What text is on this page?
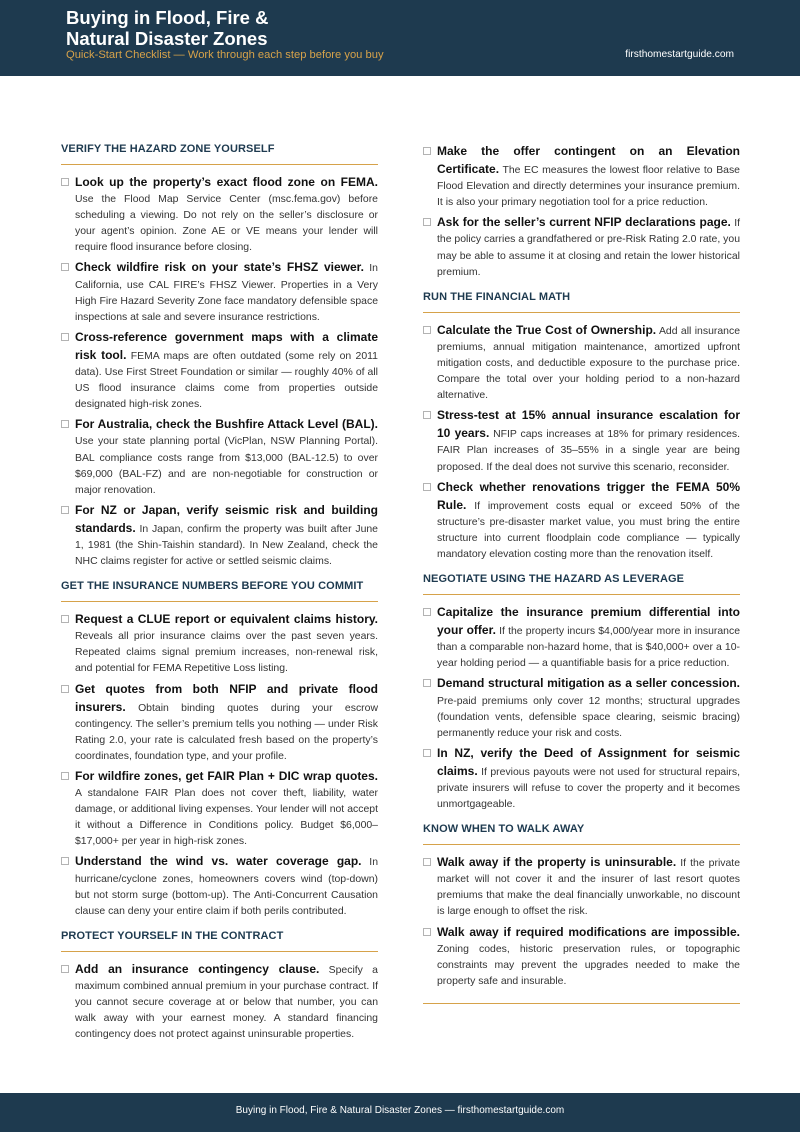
Buying in Flood, Fire &
Natural Disaster Zones
Quick-Start Checklist — Work through each step before you buy	firsthomestartguide.com
VERIFY THE HAZARD ZONE YOURSELF
Look up the property’s exact flood zone on FEMA. Use the Flood Map Service Center (msc.fema.gov) before scheduling a viewing. Do not rely on the seller’s disclosure or your agent’s opinion. Zone AE or VE means your lender will require flood insurance before closing.
Check wildfire risk on your state’s FHSZ viewer. In California, use CAL FIRE’s FHSZ Viewer. Properties in a Very High Fire Hazard Severity Zone face mandatory defensible space inspections at sale and severe insurance restrictions.
Cross-reference government maps with a climate risk tool. FEMA maps are often outdated (some rely on 2011 data). Use First Street Foundation or similar — roughly 40% of all US flood insurance claims come from properties outside designated high-risk zones.
For Australia, check the Bushfire Attack Level (BAL). Use your state planning portal (VicPlan, NSW Planning Portal). BAL compliance costs range from $13,000 (BAL-12.5) to over $69,000 (BAL-FZ) and are non-negotiable for construction or major renovation.
For NZ or Japan, verify seismic risk and building standards. In Japan, confirm the property was built after June 1, 1981 (the Shin-Taishin standard). In New Zealand, check the NHC claims register for active or settled seismic claims.
GET THE INSURANCE NUMBERS BEFORE YOU COMMIT
Request a CLUE report or equivalent claims history. Reveals all prior insurance claims over the past seven years. Repeated claims signal premium increases, non-renewal risk, and potential for FEMA Repetitive Loss listing.
Get quotes from both NFIP and private flood insurers. Obtain binding quotes during your escrow contingency. The seller’s premium tells you nothing — under Risk Rating 2.0, your rate is calculated fresh based on the property’s coordinates, foundation type, and your profile.
For wildfire zones, get FAIR Plan + DIC wrap quotes. A standalone FAIR Plan does not cover theft, liability, water damage, or additional living expenses. Your lender will not accept it without a Difference in Conditions policy. Budget $6,000–$17,000+ per year in high-risk zones.
Understand the wind vs. water coverage gap. In hurricane/cyclone zones, homeowners covers wind (top-down) but not storm surge (bottom-up). The Anti-Concurrent Causation clause can deny your entire claim if both perils contributed.
PROTECT YOURSELF IN THE CONTRACT
Add an insurance contingency clause. Specify a maximum combined annual premium in your purchase contract. If you cannot secure coverage at or below that number, you can walk away with your earnest money. A standard financing contingency does not protect against uninsurable properties.
Make the offer contingent on an Elevation Certificate. The EC measures the lowest floor relative to Base Flood Elevation and directly determines your insurance premium. It is also your primary negotiation tool for a price reduction.
Ask for the seller’s current NFIP declarations page. If the policy carries a grandfathered or pre-Risk Rating 2.0 rate, you may be able to assume it at closing and retain the lower historical premium.
RUN THE FINANCIAL MATH
Calculate the True Cost of Ownership. Add all insurance premiums, annual mitigation maintenance, amortized upfront mitigation costs, and deductible exposure to the purchase price. Compare the total over your holding period to a non-hazard alternative.
Stress-test at 15% annual insurance escalation for 10 years. NFIP caps increases at 18% for primary residences. FAIR Plan increases of 35–55% in a single year are being proposed. If the deal does not survive this scenario, reconsider.
Check whether renovations trigger the FEMA 50% Rule. If improvement costs equal or exceed 50% of the structure’s pre-disaster market value, you must bring the entire structure into current floodplain code compliance — typically mandatory elevation costing more than the renovation itself.
NEGOTIATE USING THE HAZARD AS LEVERAGE
Capitalize the insurance premium differential into your offer. If the property incurs $4,000/year more in insurance than a comparable non-hazard home, that is $40,000+ over a 10-year holding period — a quantifiable basis for a price reduction.
Demand structural mitigation as a seller concession. Pre-paid premiums only cover 12 months; structural upgrades (foundation vents, defensible space clearing, seismic bracing) permanently reduce your risk and costs.
In NZ, verify the Deed of Assignment for seismic claims. If previous payouts were not used for structural repairs, private insurers will refuse to cover the property and it becomes unmortgageable.
KNOW WHEN TO WALK AWAY
Walk away if the property is uninsurable. If the private market will not cover it and the insurer of last resort quotes premiums that make the deal financially unworkable, no discount is large enough to offset the risk.
Walk away if required modifications are impossible. Zoning codes, historic preservation rules, or topographic constraints may prevent the upgrades needed to make the property safe and insurable.
Buying in Flood, Fire & Natural Disaster Zones — firsthomestartguide.com
